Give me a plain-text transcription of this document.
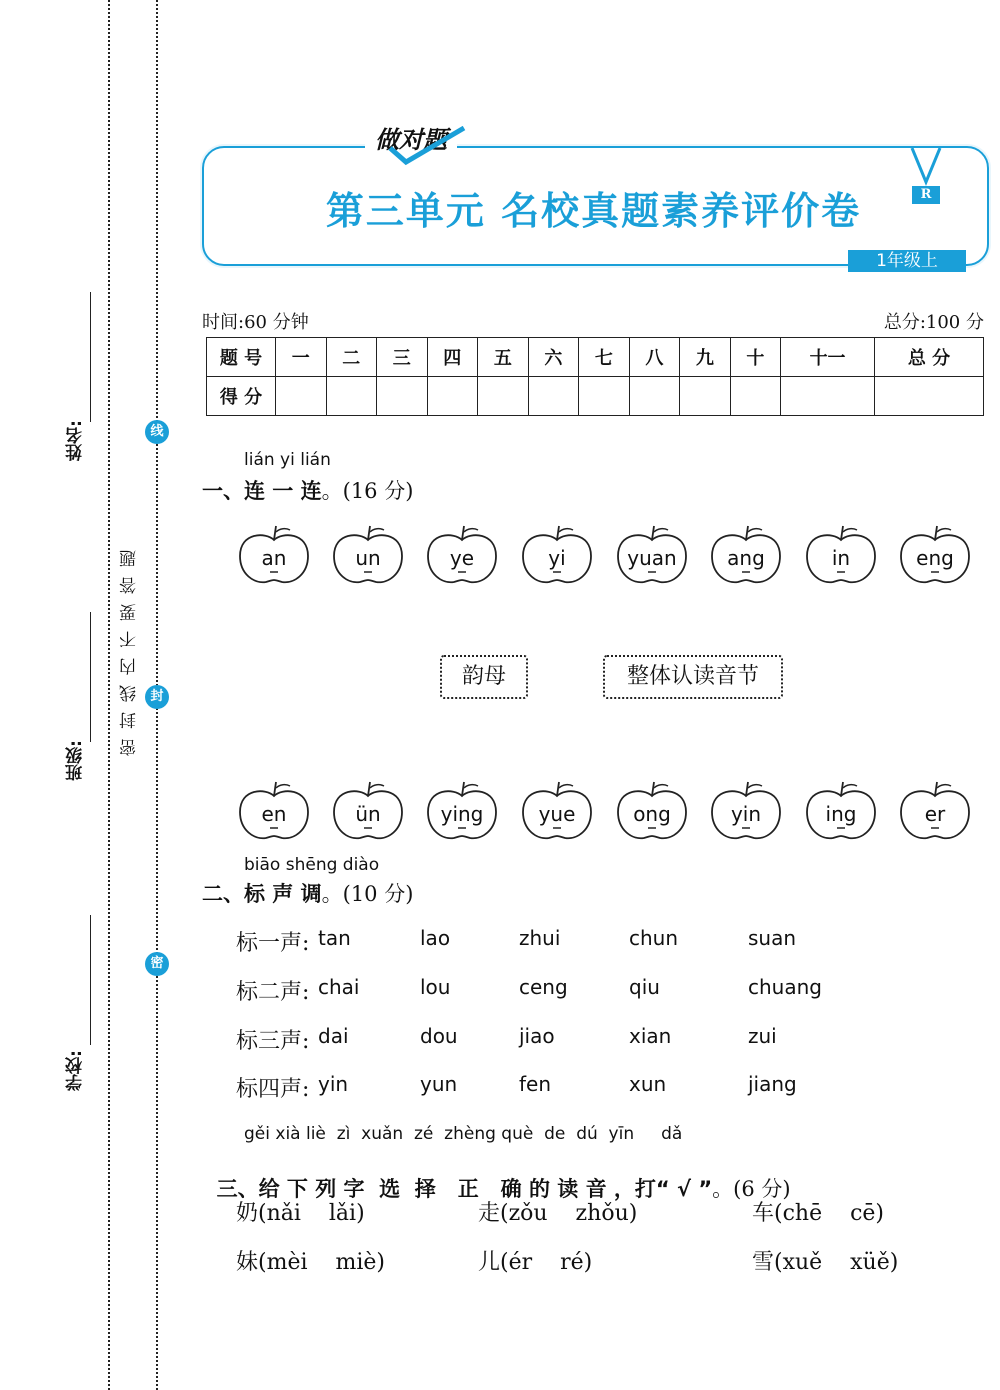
姓名:
班级:
学校:
线
封
密
密封线内不要答题
做对题
第三单元 名校真题素养评价卷	R
1年级上
时间:60 分钟	总分:100 分
题 号	一	二	三	四	五	六	七	八	九	十	十一	总 分
得 分												
lián yi lián
一、连 一 连。(16 分)
an	un	ye	yi	yuan	ang	in	eng
韵母	整体认读音节
en	ün	ying	yue	ong	yin	ing	er
biāo shēng diào
二、标 声 调。(10 分)
标一声: tan	lao	zhui	chun	suan
标二声: chai	lou	ceng	qiu	chuang
标三声: dai	dou	jiao	xian	zui
标四声: yin	yun	fen	xun	jiang
gěi xià liè  zì  xuǎn  zé  zhèng què  de  dú  yīn     dǎ

三、给 下 列 字  选  择   正   确 的 读 音 ，打“ √ ”。(6 分)

奶(nǎi    lǎi)	走(zǒu    zhǒu)	车(chē    cē)
妹(mèi    miè)	儿(ér    ré)	雪(xuě    xüě)
